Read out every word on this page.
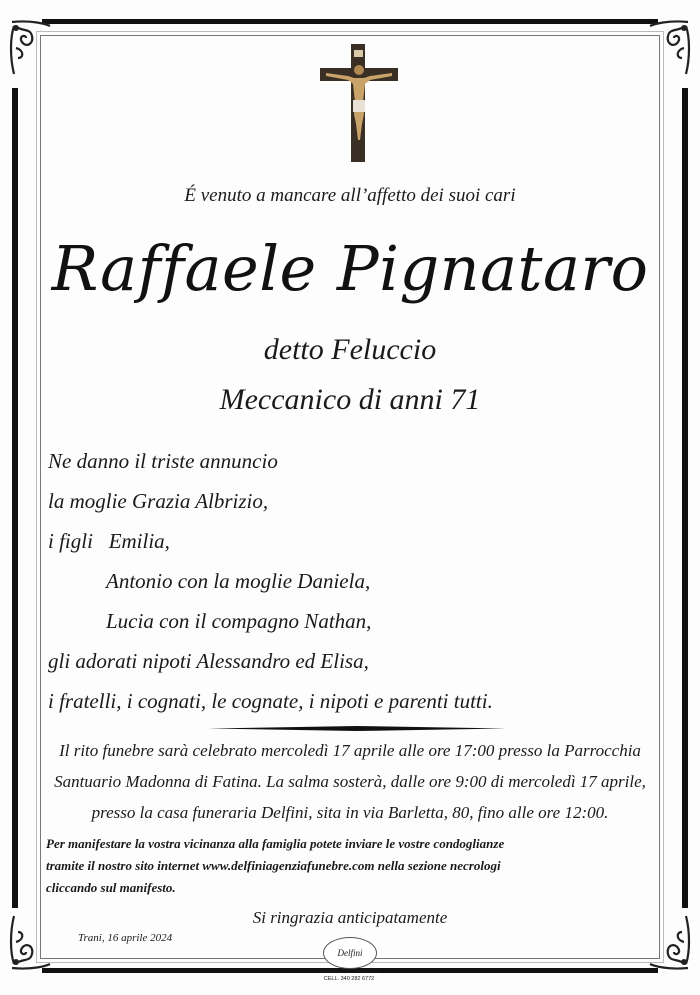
É venuto a mancare all’affetto dei suoi cari
Raffaele Pignataro
detto Feluccio
Meccanico di anni 71
Ne danno il triste annuncio
la moglie Grazia Albrizio,
i figli Emilia,
Antonio con la moglie Daniela,
Lucia con il compagno Nathan,
gli adorati nipoti Alessandro ed Elisa,
i fratelli, i cognati, le cognate, i nipoti e parenti tutti.
Il rito funebre sarà celebrato mercoledì 17 aprile alle ore 17:00 presso la Parrocchia
Santuario Madonna di Fatina. La salma sosterà, dalle ore 9:00 di mercoledì 17 aprile,
presso la casa funeraria Delfini, sita in via Barletta, 80, fino alle ore 12:00.
Per manifestare la vostra vicinanza alla famiglia potete inviare le vostre condoglianze
tramite il nostro sito internet www.delfiniagenziafunebre.com nella sezione necrologi
cliccando sul manifesto.
Si ringrazia anticipatamente
Trani, 16 aprile 2024
Delfini
AGENZIA 0883 481 608
CELL. 340 282 6772
